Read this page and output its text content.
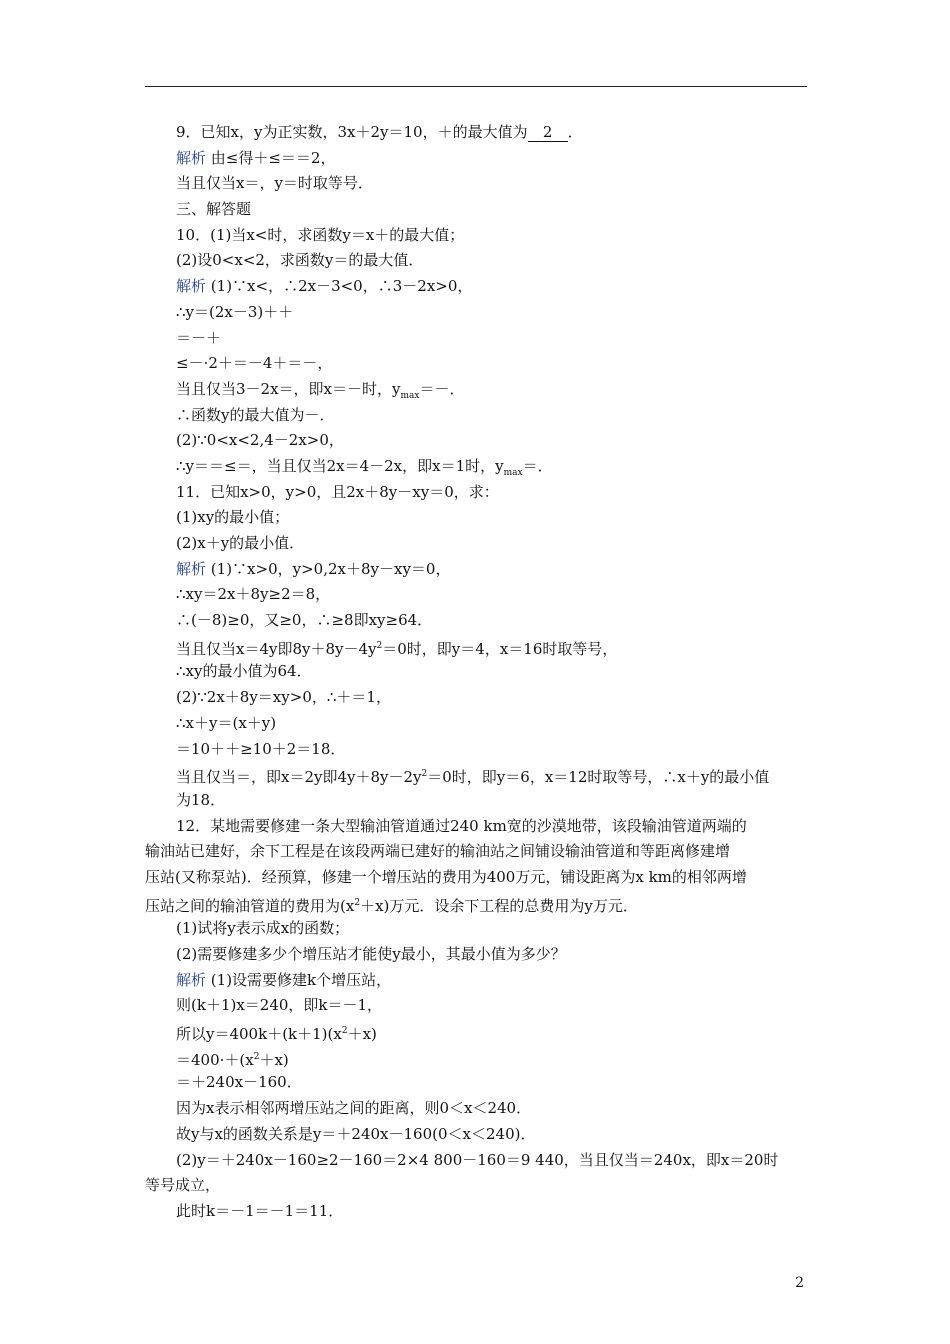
9．已知x，y为正实数，3x＋2y＝10，＋的最大值为 2 ．
解析 由≤得＋≤＝＝2，
当且仅当x＝，y＝时取等号．
三、解答题
10．(1)当x<时，求函数y＝x＋的最大值；
(2)设0<x<2，求函数y＝的最大值．
解析 (1)∵x<，∴2x－3<0，∴3－2x>0，
∴y＝(2x－3)＋＋
＝－＋
≤－·2＋＝－4＋＝－，
当且仅当3－2x＝，即x＝－时，$y_{max}=-$．
∴函数y的最大值为－．
(2)∵0<x<2,4－2x>0，
∴y＝＝≤＝，当且仅当2x＝4－2x，即x＝1时，$y_{max}=$．
11．已知x>0，y>0，且2x＋8y－xy＝0，求：
(1)xy的最小值；
(2)x＋y的最小值．
解析 (1)∵x>0，y>0,2x＋8y－xy＝0，
∴xy＝2x＋8y≥2＝8，
∴(－8)≥0，又≥0，∴≥8即xy≥64．
当且仅当x＝4y即$8y+8y-4y^2=0$时，即y＝4，x＝16时取等号，
∴xy的最小值为64．
(2)∵2x＋8y＝xy>0，∴＋＝1，
∴x＋y＝(x＋y)
＝10＋＋≥10＋2＝18．
当且仅当＝，即x＝2y即$4y+8y-2y^2=0$时，即y＝6，x＝12时取等号，∴x＋y的最小值
为18．
12．某地需要修建一条大型输油管道通过240 km宽的沙漠地带，该段输油管道两端的
输油站已建好，余下工程是在该段两端已建好的输油站之间铺设输油管道和等距离修建增
压站(又称泵站)．经预算，修建一个增压站的费用为400万元，铺设距离为x km的相邻两增
压站之间的输油管道的费用为$(x^2+x)$万元．设余下工程的总费用为y万元．
(1)试将y表示成x的函数；
(2)需要修建多少个增压站才能使y最小，其最小值为多少？
解析 (1)设需要修建k个增压站，
则(k＋1)x＝240，即k＝－1，
所以$y=400k+(k+1)(x^2+x)$
$=400\cdot+(x^2+x)$
＝＋240x－160．
因为x表示相邻两增压站之间的距离，则0＜x＜240．
故y与x的函数关系是y＝＋240x－160(0＜x＜240)．
(2)y＝＋240x－160≥2－160＝2×4 800－160＝9 440，当且仅当＝240x，即x＝20时
等号成立，
此时k＝－1＝－1＝11．
2
